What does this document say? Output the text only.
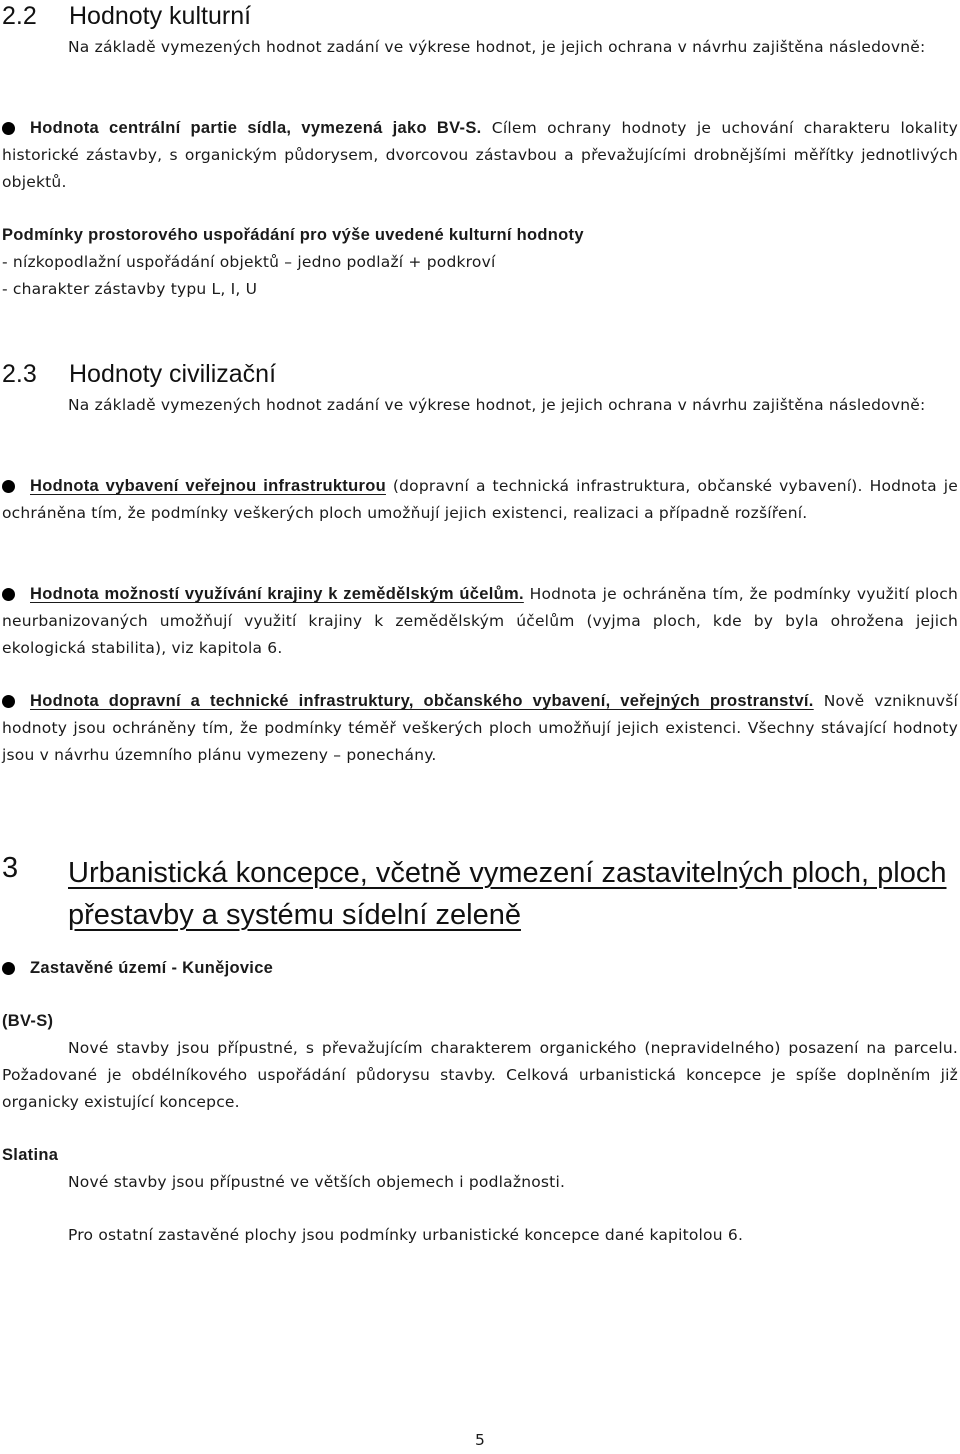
2.2 Hodnoty kulturní
Na základě vymezených hodnot zadání ve výkrese hodnot, je jejich ochrana v návrhu zajištěna následovně:
Hodnota centrální partie sídla, vymezená jako BV-S. Cílem ochrany hodnoty je uchování charakteru lokality historické zástavby, s organickým půdorysem, dvorcovou zástavbou a převažujícími drobnějšími měřítky jednotlivých objektů.
Podmínky prostorového uspořádání pro výše uvedené kulturní hodnoty
- nízkopodlažní uspořádání objektů – jedno podlaží + podkroví
- charakter zástavby typu L, I, U
2.3 Hodnoty civilizační
Na základě vymezených hodnot zadání ve výkrese hodnot, je jejich ochrana v návrhu zajištěna následovně:
Hodnota vybavení veřejnou infrastrukturou (dopravní a technická infrastruktura, občanské vybavení). Hodnota je ochráněna tím, že podmínky veškerých ploch umožňují jejich existenci, realizaci a případně rozšíření.
Hodnota možností využívání krajiny k zemědělským účelům. Hodnota je ochráněna tím, že podmínky využití ploch neurbanizovaných umožňují využití krajiny k zemědělským účelům (vyjma ploch, kde by byla ohrožena jejich ekologická stabilita), viz kapitola 6.
Hodnota dopravní a technické infrastruktury, občanského vybavení, veřejných prostranství. Nově vzniknuvší hodnoty jsou ochráněny tím, že podmínky téměř veškerých ploch umožňují jejich existenci. Všechny stávající hodnoty jsou v návrhu územního plánu vymezeny – ponechány.
3 Urbanistická koncepce, včetně vymezení zastavitelných ploch, ploch
přestavby a systému sídelní zeleně
Zastavěné území - Kunějovice
(BV-S)
Nové stavby jsou přípustné, s převažujícím charakterem organického (nepravidelného) posazení na parcelu. Požadované je obdélníkového uspořádání půdorysu stavby. Celková urbanistická koncepce je spíše doplněním již organicky existující koncepce.
Slatina
Nové stavby jsou přípustné ve větších objemech i podlažnosti.
Pro ostatní zastavěné plochy jsou podmínky urbanistické koncepce dané kapitolou 6.
5
